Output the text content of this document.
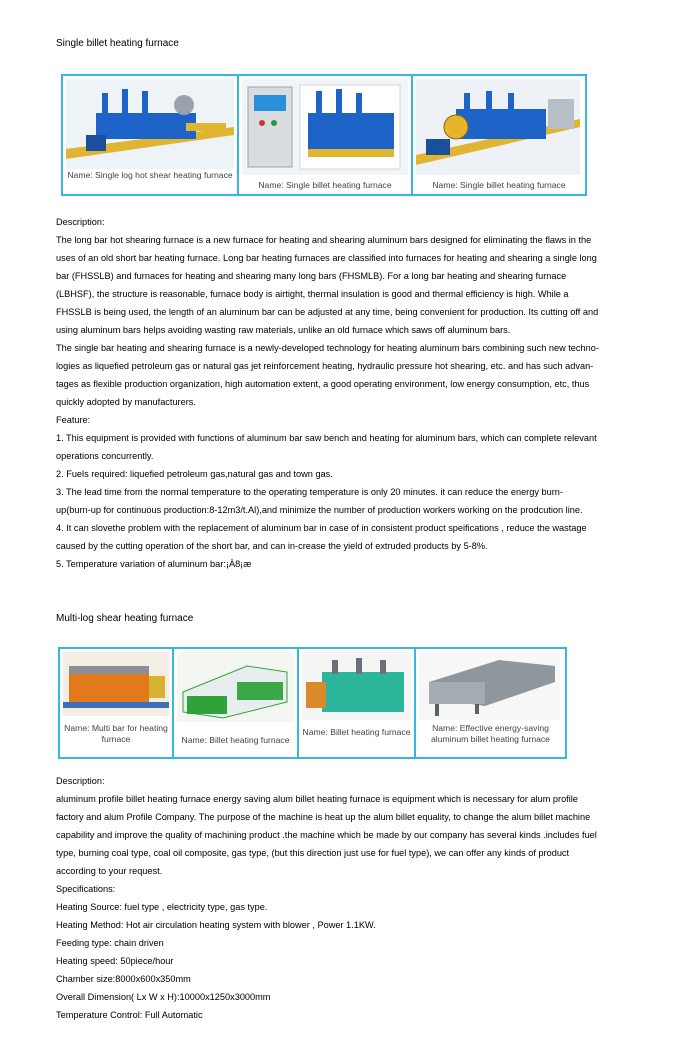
Single billet heating furnace
Name: Single log hot shear heating furnace
Name: Single billet heating furnace	Name: Single billet heating furnace

Description:

The long bar hot shearing furnace is a new furnace for heating and shearing aluminum bars designed for eliminating the flaws in the

uses of an old short bar heating furnace. Long bar heating furnaces are classified into furnaces for heating and shearing a single long

bar (FHSSLB) and furnaces for heating and shearing many long bars (FHSMLB). For a long bar heating and shearing furnace

(LBHSF), the structure is reasonable, furnace body is airtight, thermal insulation is good and thermal efficiency is high. While a

FHSSLB is being used, the length of an aluminum bar can be adjusted at any time, being convenient for production. Its cutting off and

using aluminum bars helps avoiding wasting raw materials, unlike an old furnace which saws off aluminum bars.

The single bar heating and shearing furnace is a newly-developed technology for heating aluminum bars combining such new techno-

logies as liquefied petroleum gas or natural gas jet reinforcement heating, hydraulic pressure hot shearing, etc. and has such advan-

tages as flexible production organization, high automation extent, a good operating environment, low energy consumption, etc, thus

quickly adopted by manufacturers.

Feature:

1. This equipment is provided with functions of aluminum bar saw bench and heating for aluminum bars, which can complete relevant

operations concurrently.

2. Fuels required: liquefied petroleum gas,natural gas and town gas.

3. The lead time from the normal temperature to the operating temperature is only 20 minutes. it can reduce the energy burn-

up(burn-up for continuous production:8-12m3/t.Al),and minimize the number of production workers working on the prodcution line.

4. It can slovethe problem with the replacement of aluminum bar in case of in consistent product speifications , reduce the wastage

caused by the cutting operation of the short bar, and can in-crease the yield of extruded products by 5-8%.

5. Temperature variation of aluminum bar:¡À8¡æ

Multi-log shear heating furnace
Name: Multi bar for heating furnace	Name: Billet heating furnace
Name: Billet heating furnace	Name: Effective energy-saving aluminum billet heating furnace

Description:

aluminum profile billet heating furnace energy saving alum billet heating furnace is equipment which is necessary for alum profile

factory and alum Profile Company. The purpose of the machine is heat up the alum billet equality, to change the alum billet machine

capability and improve the quality of machining product .the machine which be made by our company has several kinds .includes fuel

type, burning coal type, coal oil composite, gas type, (but this direction just use for fuel type), we can offer any kinds of product

according to your request.

Specifications:

Heating Source: fuel type , electricity type, gas type.

Heating Method: Hot air circulation heating system with blower , Power 1.1KW.

Feeding type: chain driven

Heating speed: 50piece/hour

Chamber size:8000x600x350mm

Overall Dimension( Lx W x H):10000x1250x3000mm

Temperature Control: Full Automatic
